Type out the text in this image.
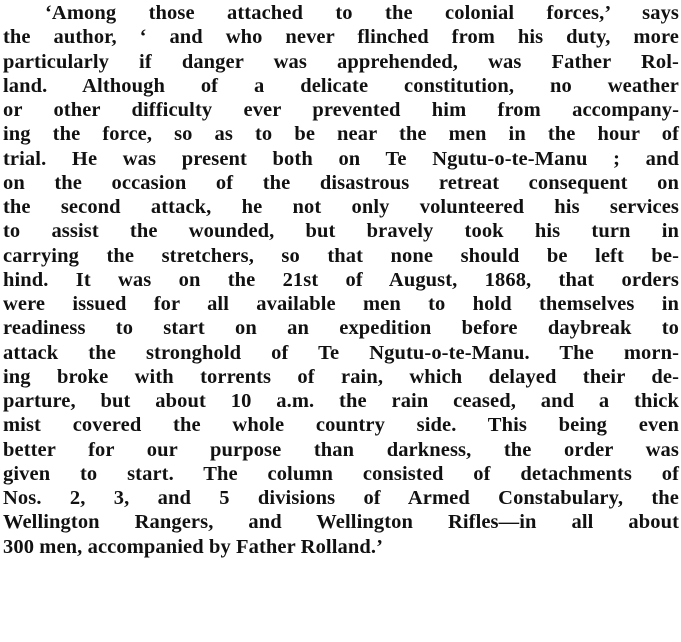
‘Among those attached to the colonial forces,’ says
the author, ‘ and who never flinched from his duty, more
particularly if danger was apprehended, was Father Rol-
land. Although of a delicate constitution, no weather
or other difficulty ever prevented him from accompany-
ing the force, so as to be near the men in the hour of
trial. He was present both on Te Ngutu-o-te-Manu ; and
on the occasion of the disastrous retreat consequent on
the second attack, he not only volunteered his services
to assist the wounded, but bravely took his turn in
carrying the stretchers, so that none should be left be-
hind. It was on the 21st of August, 1868, that orders
were issued for all available men to hold themselves in
readiness to start on an expedition before daybreak to
attack the stronghold of Te Ngutu-o-te-Manu. The morn-
ing broke with torrents of rain, which delayed their de-
parture, but about 10 a.m. the rain ceased, and a thick
mist covered the whole country side. This being even
better for our purpose than darkness, the order was
given to start. The column consisted of detachments of
Nos. 2, 3, and 5 divisions of Armed Constabulary, the
Wellington Rangers, and Wellington Rifles—in all about
300 men, accompanied by Father Rolland.’
